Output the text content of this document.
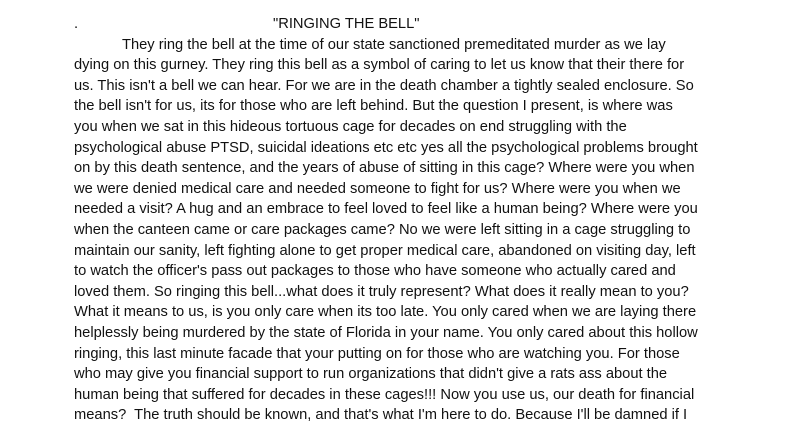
.

	"RINGING THE BELL"

They ring the bell at the time of our state sanctioned premeditated murder as we lay
dying on this gurney. They ring this bell as a symbol of caring to let us know that their there for
us. This isn't a bell we can hear. For we are in the death chamber a tightly sealed enclosure. So
the bell isn't for us, its for those who are left behind. But the question I present, is where was
you when we sat in this hideous tortuous cage for decades on end struggling with the
psychological abuse PTSD, suicidal ideations etc etc yes all the psychological problems brought
on by this death sentence, and the years of abuse of sitting in this cage? Where were you when
we were denied medical care and needed someone to fight for us? Where were you when we
needed a visit? A hug and an embrace to feel loved to feel like a human being? Where were you
when the canteen came or care packages came? No we were left sitting in a cage struggling to
maintain our sanity, left fighting alone to get proper medical care, abandoned on visiting day, left
to watch the officer's pass out packages to those who have someone who actually cared and
loved them. So ringing this bell...what does it truly represent? What does it really mean to you?
What it means to us, is you only care when its too late. You only cared when we are laying there
helplessly being murdered by the state of Florida in your name. You only cared about this hollow
ringing, this last minute facade that your putting on for those who are watching you. For those
who may give you financial support to run organizations that didn't give a rats ass about the
human being that suffered for decades in these cages!!! Now you use us, our death for financial
means?  The truth should be known, and that's what I'm here to do. Because I'll be damned if I
